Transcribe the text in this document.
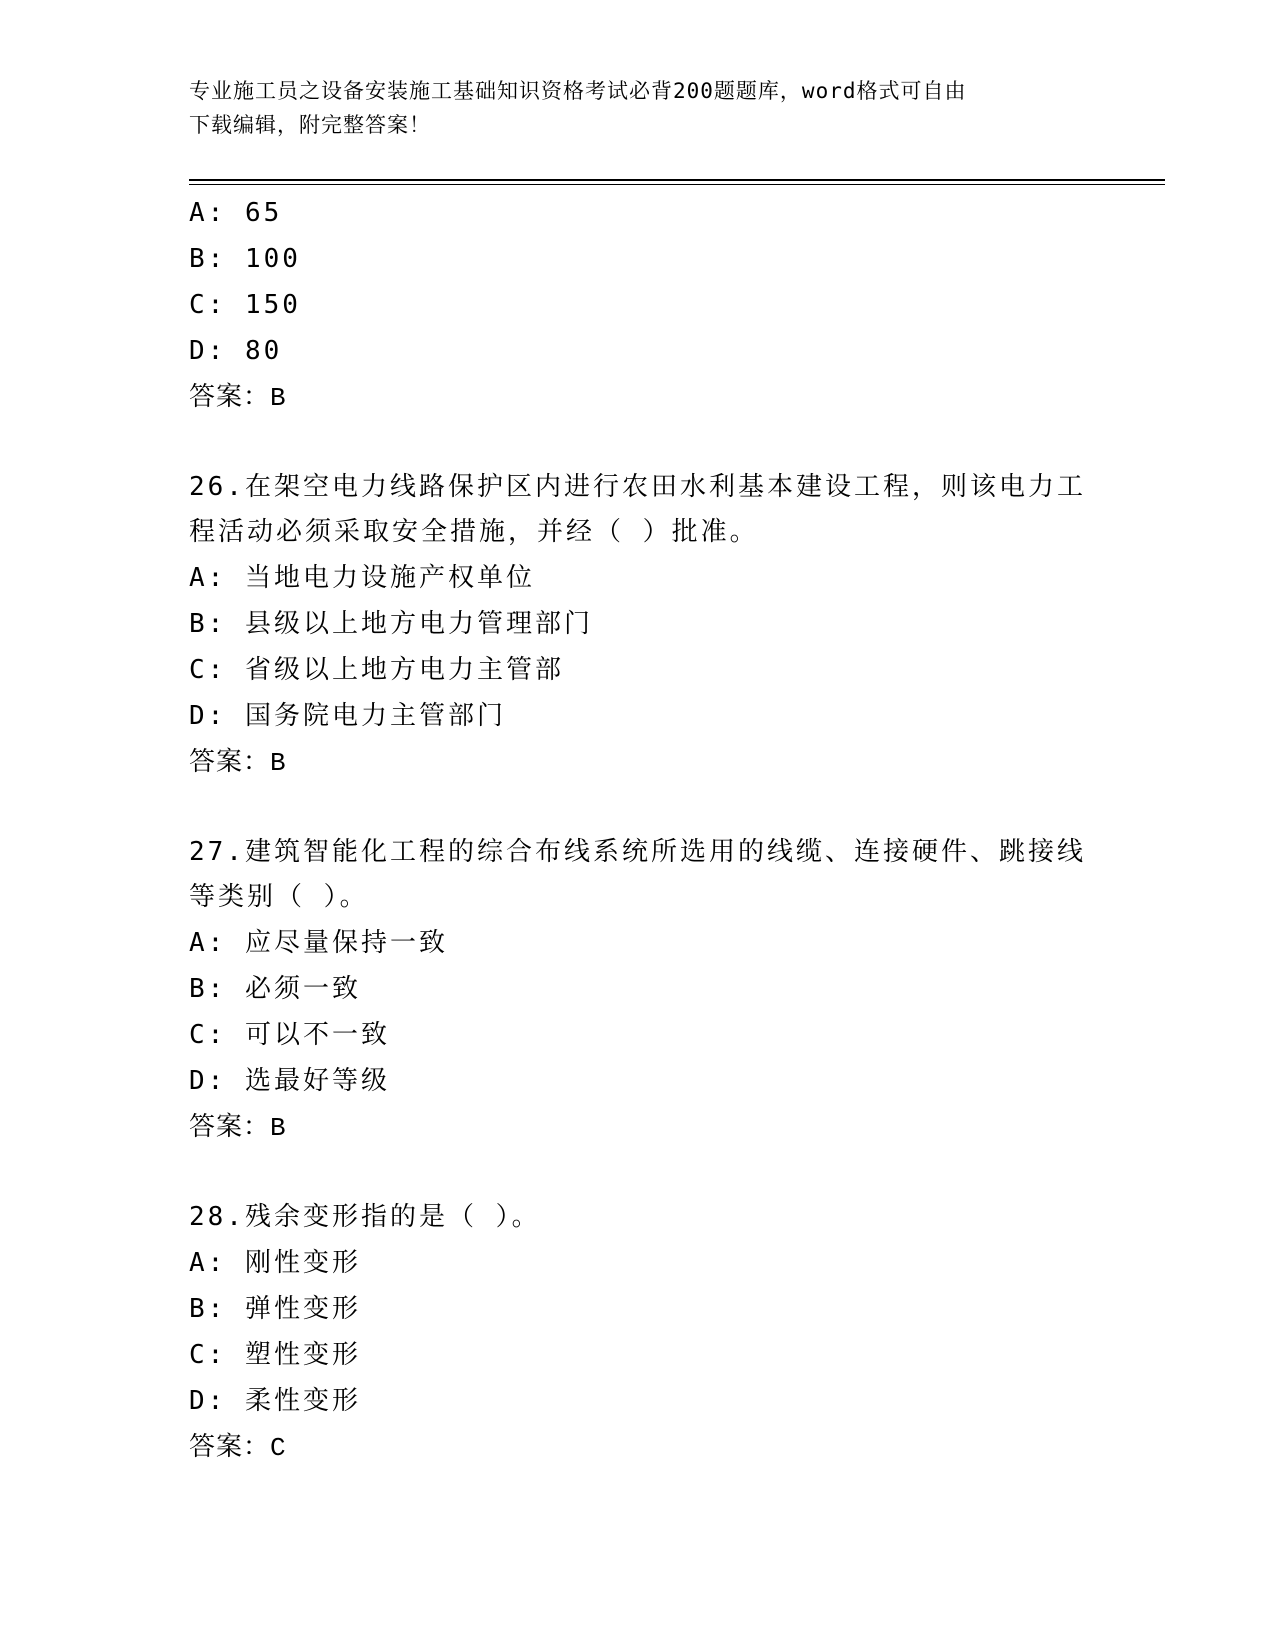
专业施工员之设备安装施工基础知识资格考试必背200题题库，word格式可自由
下载编辑，附完整答案！
A: 65
B: 100
C: 150
D: 80
答案：B
26.在架空电力线路保护区内进行农田水利基本建设工程，则该电力工
程活动必须采取安全措施，并经（ ）批准。
A: 当地电力设施产权单位
B: 县级以上地方电力管理部门
C: 省级以上地方电力主管部
D: 国务院电力主管部门
答案：B
27.建筑智能化工程的综合布线系统所选用的线缆、连接硬件、跳接线
等类别（ ）。
A: 应尽量保持一致
B: 必须一致
C: 可以不一致
D: 选最好等级
答案：B
28.残余变形指的是（ ）。
A: 刚性变形
B: 弹性变形
C: 塑性变形
D: 柔性变形
答案：C
